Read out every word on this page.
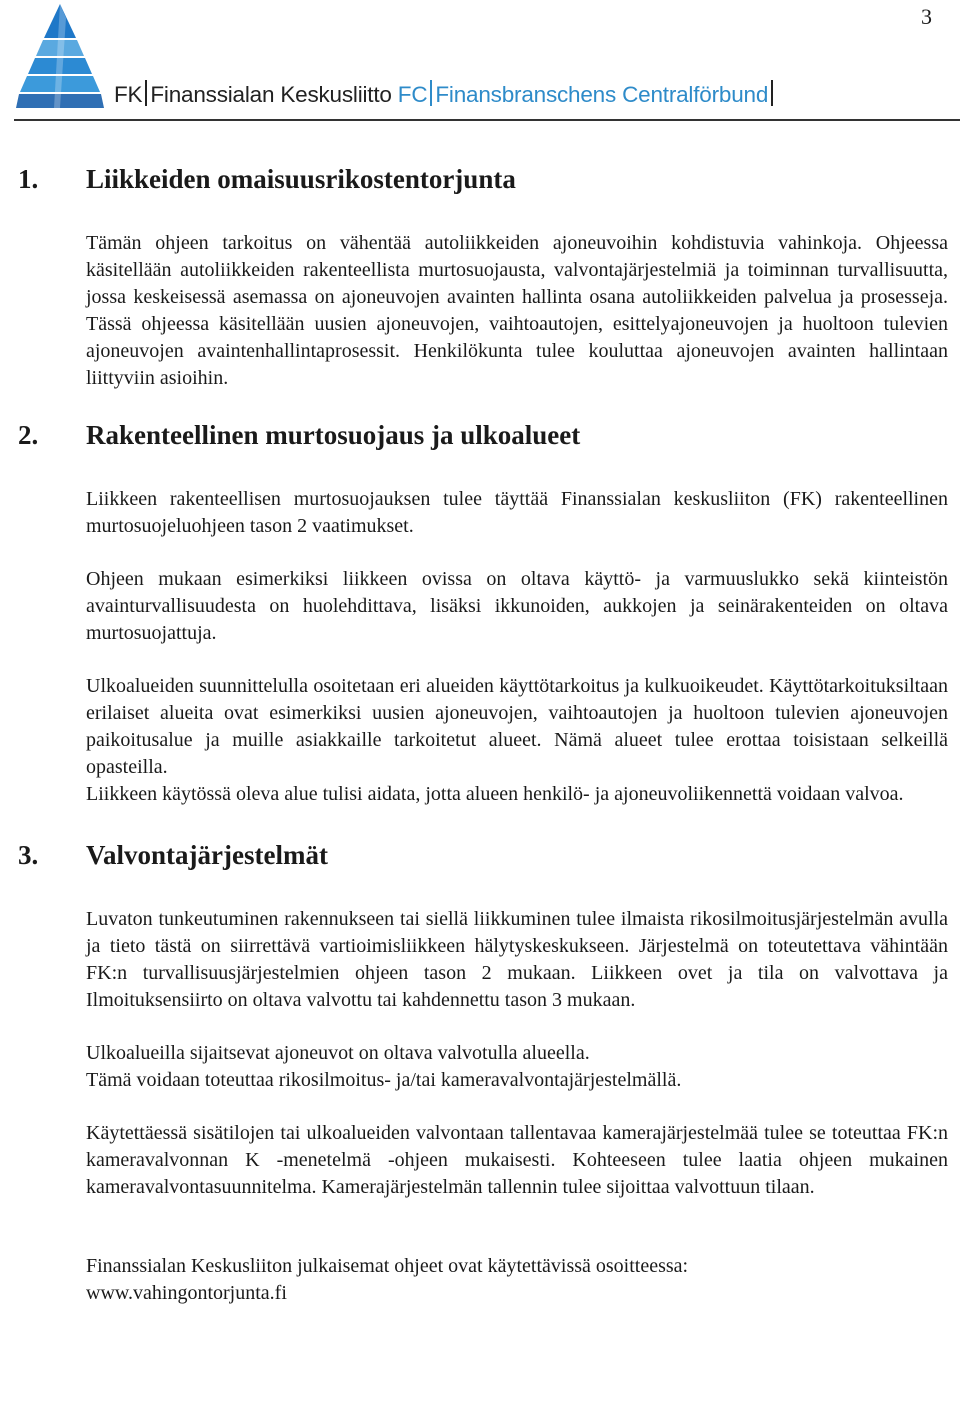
3
FK Finanssialan Keskusliitto FC Finansbranschens Centralförbund
1.	Liikkeiden omaisuusrikostentorjunta

Tämän ohjeen tarkoitus on vähentää autoliikkeiden ajoneuvoihin kohdistuvia vahinkoja. Ohjeessa käsitellään autoliikkeiden rakenteellista murtosuojausta, valvontajärjestelmiä ja toiminnan turvallisuutta, jossa keskeisessä asemassa on ajoneuvojen avainten hallinta osana autoliikkeiden palvelua ja prosesseja. Tässä ohjeessa käsitellään uusien ajoneuvojen, vaihtoautojen, esittelyajoneuvojen ja huoltoon tulevien ajoneuvojen avaintenhallintaprosessit. Henkilökunta tulee kouluttaa ajoneuvojen avainten hallintaan liittyviin asioihin.

2.	Rakenteellinen murtosuojaus ja ulkoalueet

Liikkeen rakenteellisen murtosuojauksen tulee täyttää Finanssialan keskusliiton (FK) rakenteellinen murtosuojeluohjeen tason 2 vaatimukset.

Ohjeen mukaan esimerkiksi liikkeen ovissa on oltava käyttö- ja varmuuslukko sekä kiinteistön avainturvallisuudesta on huolehdittava, lisäksi ikkunoiden, aukkojen ja seinärakenteiden on oltava murtosuojattuja.

Ulkoalueiden suunnittelulla osoitetaan eri alueiden käyttötarkoitus ja kulkuoikeudet. Käyttötarkoituksiltaan erilaiset alueita ovat esimerkiksi uusien ajoneuvojen, vaihtoautojen ja huoltoon tulevien ajoneuvojen paikoitusalue ja muille asiakkaille tarkoitetut alueet. Nämä alueet tulee erottaa toisistaan selkeillä opasteilla.

Liikkeen käytössä oleva alue tulisi aidata, jotta alueen henkilö- ja ajoneuvoliikennettä voidaan valvoa.

3.	Valvontajärjestelmät

Luvaton tunkeutuminen rakennukseen tai siellä liikkuminen tulee ilmaista rikosilmoitusjärjestelmän avulla ja tieto tästä on siirrettävä vartioimisliikkeen hälytyskeskukseen. Järjestelmä on toteutettava vähintään FK:n turvallisuusjärjestelmien ohjeen tason 2 mukaan. Liikkeen ovet ja tila on valvottava ja Ilmoituksensiirto on oltava valvottu tai kahdennettu tason 3 mukaan.

Ulkoalueilla sijaitsevat ajoneuvot on oltava valvotulla alueella.

Tämä voidaan toteuttaa rikosilmoitus- ja/tai kameravalvontajärjestelmällä.

Käytettäessä sisätilojen tai ulkoalueiden valvontaan tallentavaa kamerajärjestelmää tulee se toteuttaa FK:n kameravalvonnan K -menetelmä -ohjeen mukaisesti. Kohteeseen tulee laatia ohjeen mukainen kameravalvontasuunnitelma. Kamerajärjestelmän tallennin tulee sijoittaa valvottuun tilaan.

Finanssialan Keskusliiton julkaisemat ohjeet ovat käytettävissä osoitteessa:
www.vahingontorjunta.fi
